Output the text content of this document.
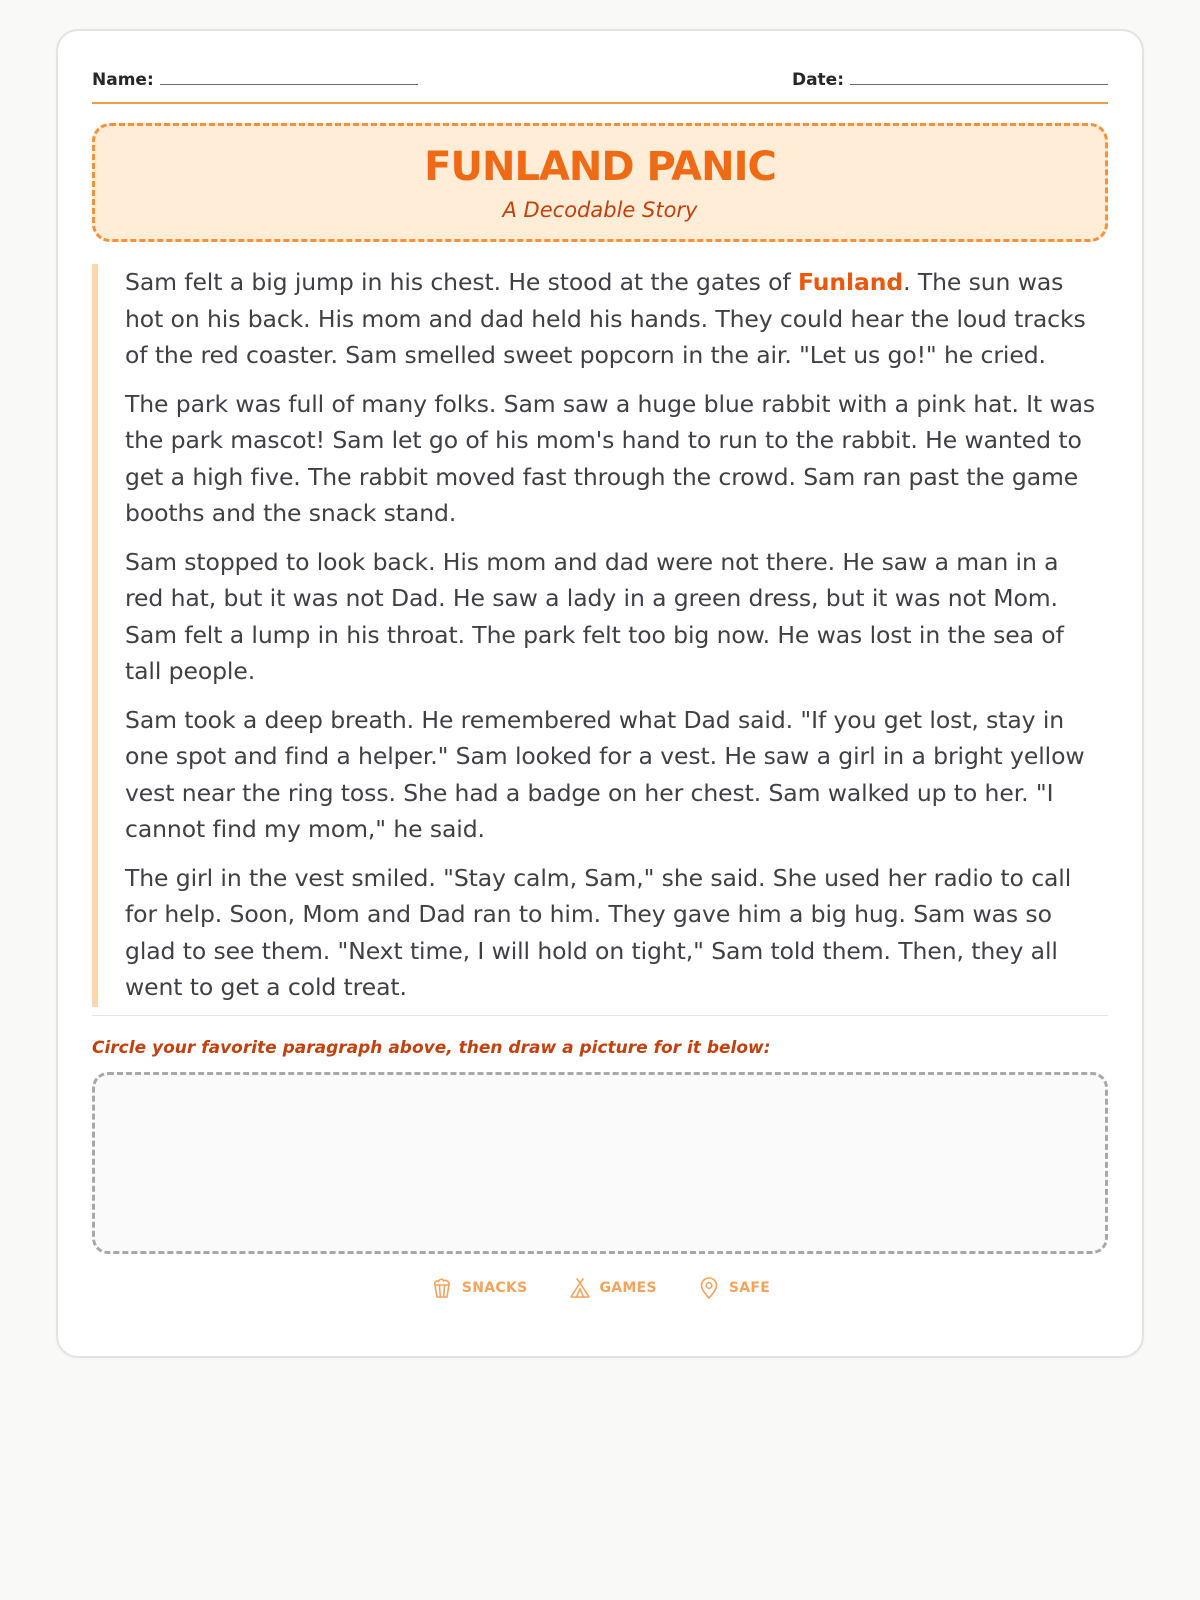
Name:	Date:
FUNLAND PANIC
A Decodable Story

Sam felt a big jump in his chest. He stood at the gates of Funland. The sun was hot on his back. His mom and dad held his hands. They could hear the loud tracks of the red coaster. Sam smelled sweet popcorn in the air. "Let us go!" he cried.

The park was full of many folks. Sam saw a huge blue rabbit with a pink hat. It was the park mascot! Sam let go of his mom's hand to run to the rabbit. He wanted to get a high five. The rabbit moved fast through the crowd. Sam ran past the game booths and the snack stand.

Sam stopped to look back. His mom and dad were not there. He saw a man in a red hat, but it was not Dad. He saw a lady in a green dress, but it was not Mom. Sam felt a lump in his throat. The park felt too big now. He was lost in the sea of tall people.

Sam took a deep breath. He remembered what Dad said. "If you get lost, stay in one spot and find a helper." Sam looked for a vest. He saw a girl in a bright yellow vest near the ring toss. She had a badge on her chest. Sam walked up to her. "I cannot find my mom," he said.

The girl in the vest smiled. "Stay calm, Sam," she said. She used her radio to call for help. Soon, Mom and Dad ran to him. They gave him a big hug. Sam was so glad to see them. "Next time, I will hold on tight," Sam told them. Then, they all went to get a cold treat.

Circle your favorite paragraph above, then draw a picture for it below:
SNACKS	GAMES	SAFE
